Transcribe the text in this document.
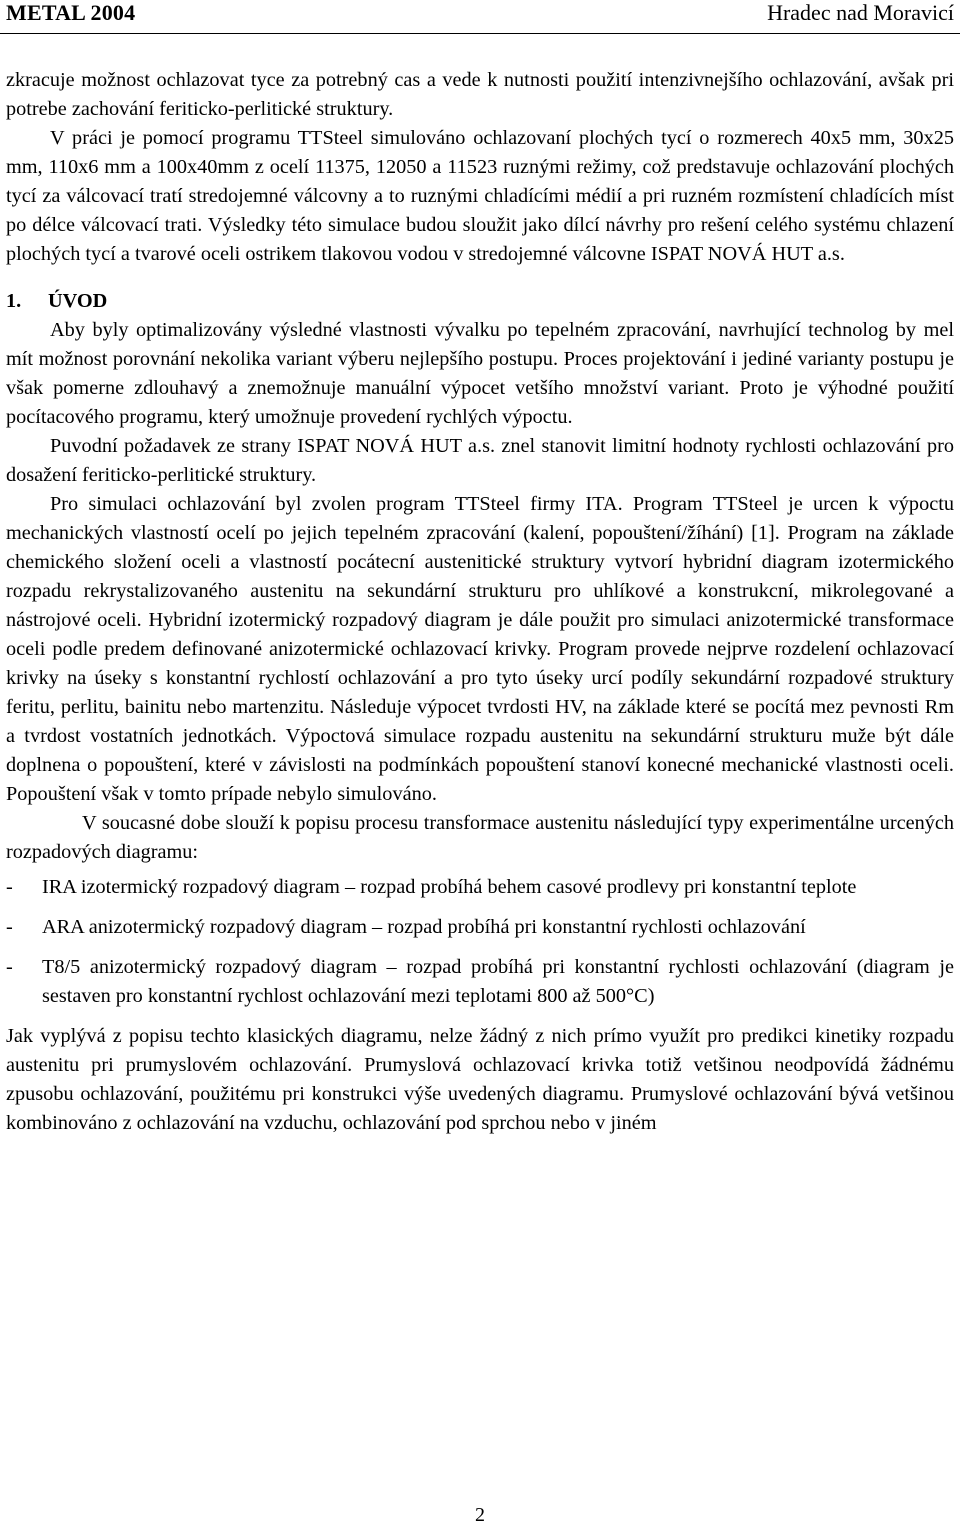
METAL 2004	Hradec nad Moravicí

zkracuje možnost ochlazovat tyce za potrebný cas a vede k nutnosti použití intenzivnejšího ochlazování, avšak pri potrebe zachování feriticko-perlitické struktury.

V práci je pomocí programu TTSteel simulováno ochlazovaní plochých tycí o rozmerech 40x5 mm, 30x25 mm, 110x6 mm a 100x40mm z ocelí 11375, 12050 a 11523 ruznými režimy, což predstavuje ochlazování plochých tycí za válcovací tratí stredojemné válcovny a to ruznými chladícími médií a pri ruzném rozmístení chladících míst po délce válcovací trati. Výsledky této simulace budou sloužit jako dílcí návrhy pro rešení celého systému chlazení plochých tycí a tvarové oceli ostrikem tlakovou vodou v stredojemné válcovne ISPAT NOVÁ HUT a.s.

1. ÚVOD

Aby byly optimalizovány výsledné vlastnosti vývalku po tepelném zpracování, navrhující technolog by mel mít možnost porovnání nekolika variant výberu nejlepšího postupu. Proces projektování i jediné varianty postupu je však pomerne zdlouhavý a znemožnuje manuální výpocet vetšího množství variant. Proto je výhodné použití pocítacového programu, který umožnuje provedení rychlých výpoctu.

Puvodní požadavek ze strany ISPAT NOVÁ HUT a.s. znel stanovit limitní hodnoty rychlosti ochlazování pro dosažení feriticko-perlitické struktury.

Pro simulaci ochlazování byl zvolen program TTSteel firmy ITA. Program TTSteel je urcen k výpoctu mechanických vlastností ocelí po jejich tepelném zpracování (kalení, popouštení/žíhání) [1]. Program na základe chemického složení oceli a vlastností pocátecní austenitické struktury vytvorí hybridní diagram izotermického rozpadu rekrystalizovaného austenitu na sekundární strukturu pro uhlíkové a konstrukcní, mikrolegované a nástrojové oceli. Hybridní izotermický rozpadový diagram je dále použit pro simulaci anizotermické transformace oceli podle predem definované anizotermické ochlazovací krivky. Program provede nejprve rozdelení ochlazovací krivky na úseky s konstantní rychlostí ochlazování a pro tyto úseky urcí podíly sekundární rozpadové struktury feritu, perlitu, bainitu nebo martenzitu. Následuje výpocet tvrdosti HV, na základe které se pocítá mez pevnosti Rm a tvrdost vostatních jednotkách. Výpoctová simulace rozpadu austenitu na sekundární strukturu muže být dále doplnena o popouštení, které v závislosti na podmínkách popouštení stanoví konecné mechanické vlastnosti oceli. Popouštení však v tomto prípade nebylo simulováno.

V soucasné dobe slouží k popisu procesu transformace austenitu následující typy experimentálne urcených rozpadových diagramu:

- IRA izotermický rozpadový diagram – rozpad probíhá behem casové prodlevy pri konstantní teplote
- ARA anizotermický rozpadový diagram – rozpad probíhá pri konstantní rychlosti ochlazování
- T8/5 anizotermický rozpadový diagram – rozpad probíhá pri konstantní rychlosti ochlazování (diagram je sestaven pro konstantní rychlost ochlazování mezi teplotami 800 až 500°C)

Jak vyplývá z popisu techto klasických diagramu, nelze žádný z nich prímo využít pro predikci kinetiky rozpadu austenitu pri prumyslovém ochlazování. Prumyslová ochlazovací krivka totiž vetšinou neodpovídá žádnému zpusobu ochlazování, použitému pri konstrukci výše uvedených diagramu. Prumyslové ochlazování bývá vetšinou kombinováno z ochlazování na vzduchu, ochlazování pod sprchou nebo v jiném

2
